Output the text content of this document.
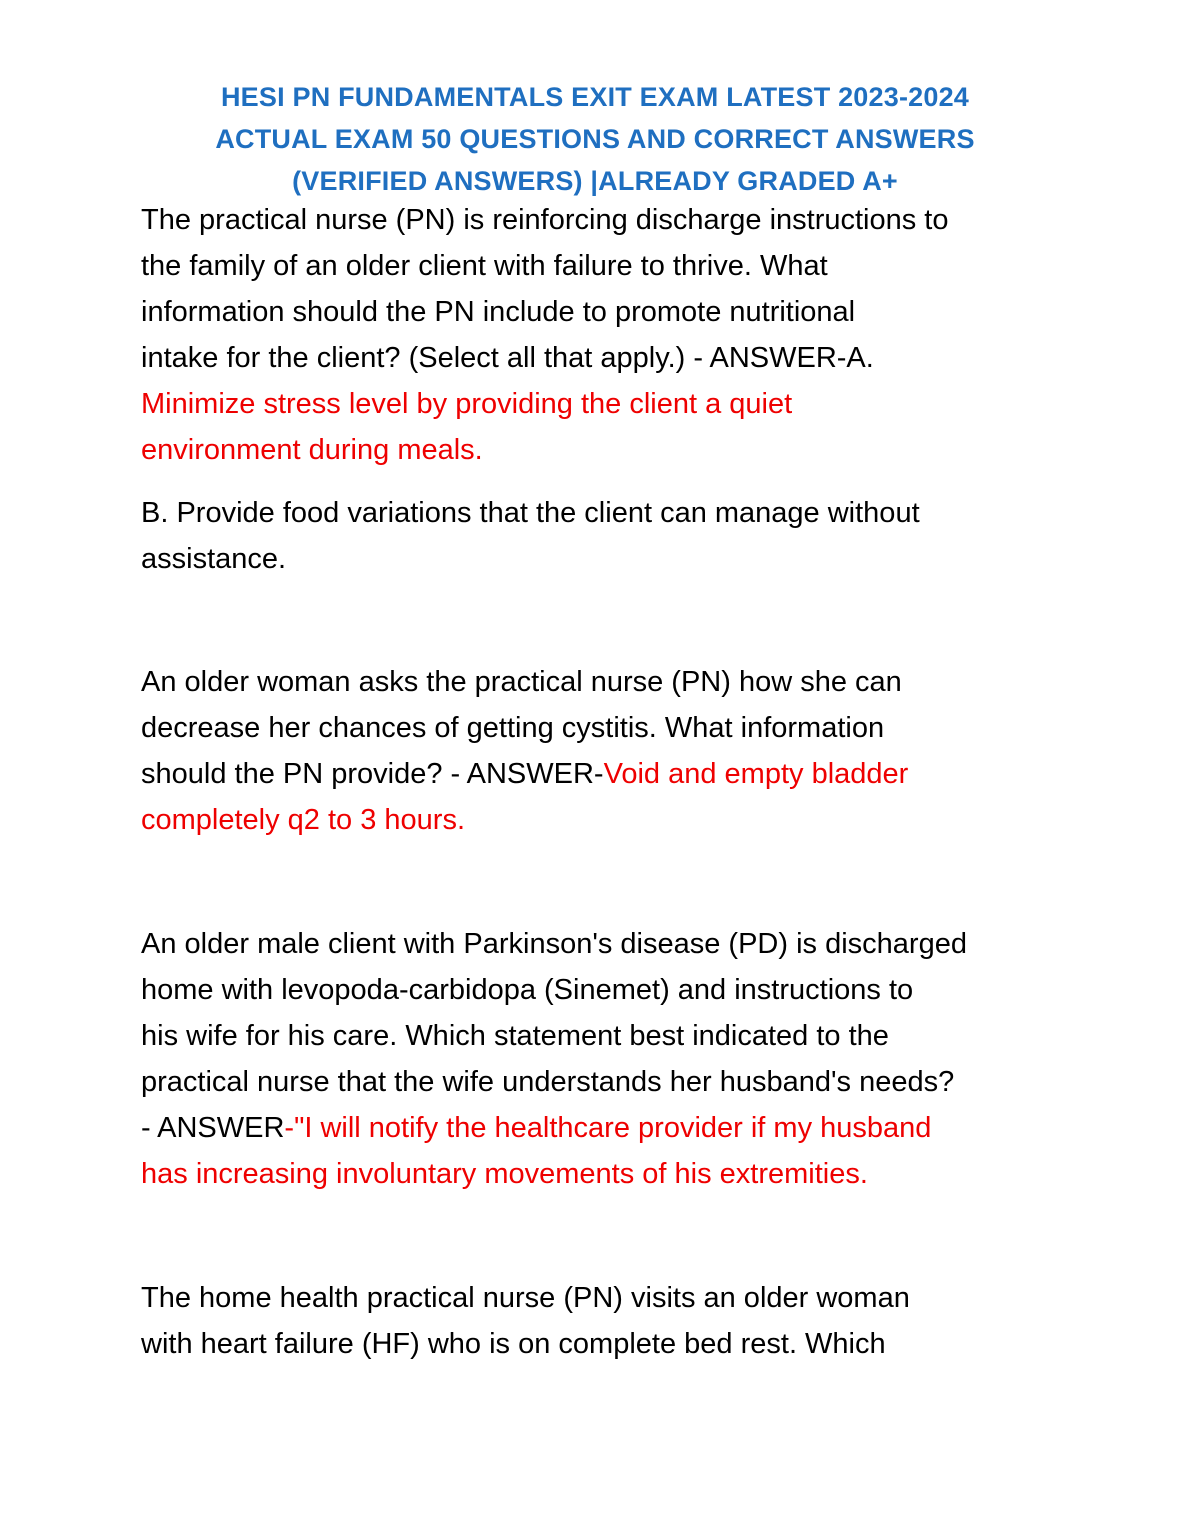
HESI PN FUNDAMENTALS EXIT EXAM LATEST 2023-2024
ACTUAL EXAM 50 QUESTIONS AND CORRECT ANSWERS
(VERIFIED ANSWERS) |ALREADY GRADED A+
The practical nurse (PN) is reinforcing discharge instructions to
the family of an older client with failure to thrive. What
information should the PN include to promote nutritional
intake for the client? (Select all that apply.) - ANSWER-A.
Minimize stress level by providing the client a quiet
environment during meals.
B. Provide food variations that the client can manage without
assistance.
An older woman asks the practical nurse (PN) how she can
decrease her chances of getting cystitis. What information
should the PN provide? - ANSWER-Void and empty bladder
completely q2 to 3 hours.
An older male client with Parkinson's disease (PD) is discharged
home with levopoda-carbidopa (Sinemet) and instructions to
his wife for his care. Which statement best indicated to the
practical nurse that the wife understands her husband's needs?
- ANSWER-"I will notify the healthcare provider if my husband
has increasing involuntary movements of his extremities.
The home health practical nurse (PN) visits an older woman
with heart failure (HF) who is on complete bed rest. Which
